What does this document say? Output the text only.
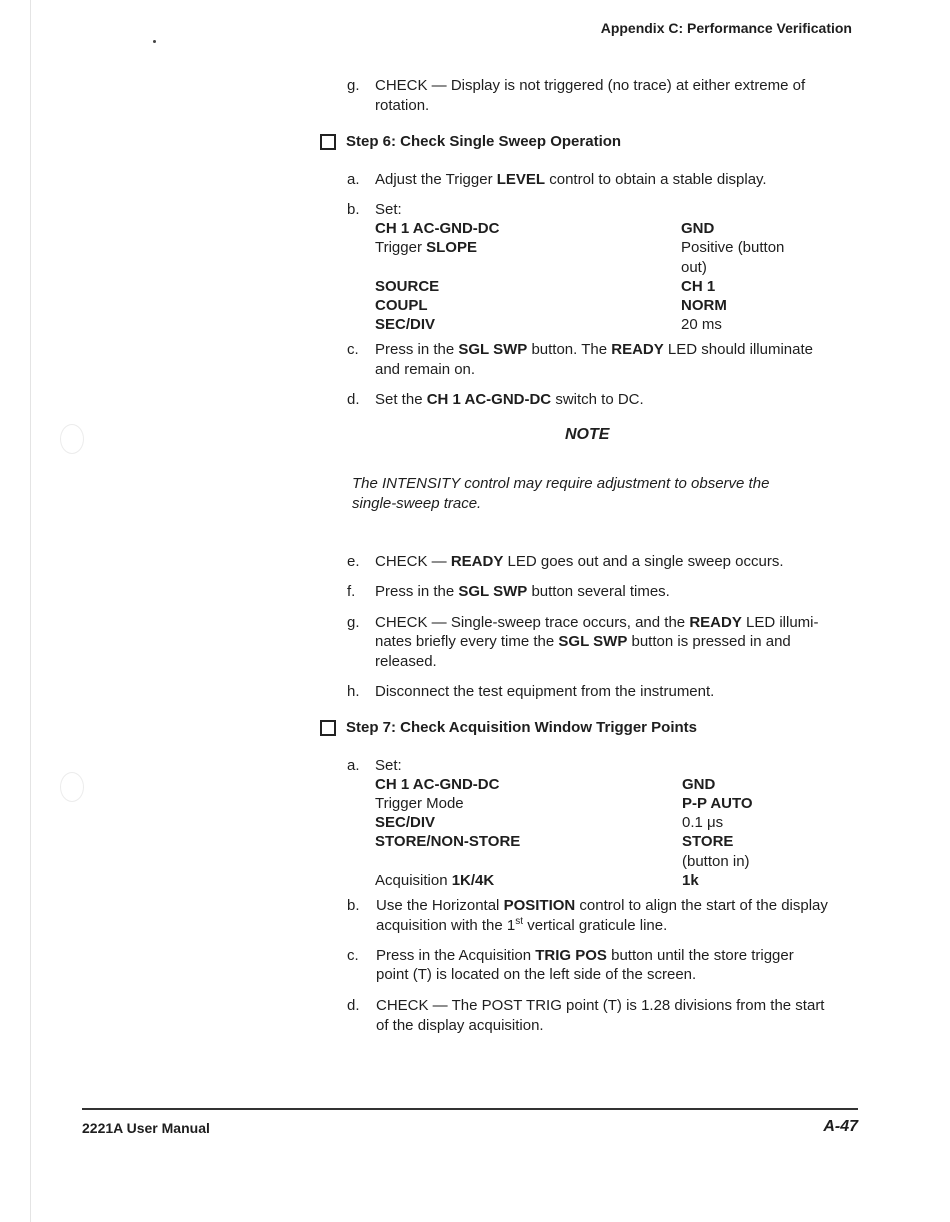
Appendix C: Performance Verification
g. CHECK — Display is not triggered (no trace) at either extreme of
rotation.
Step 6: Check Single Sweep Operation
a. Adjust the Trigger LEVEL control to obtain a stable display.
b. Set:
CH 1 AC-GND-DC	GND
Trigger SLOPE	Positive (button
out)
SOURCE	CH 1
COUPL	NORM
SEC/DIV	20 ms
c. Press in the SGL SWP button. The READY LED should illuminate
and remain on.
d. Set the CH 1 AC-GND-DC switch to DC.
NOTE
The INTENSITY control may require adjustment to observe the
single-sweep trace.
e. CHECK — READY LED goes out and a single sweep occurs.
f. Press in the SGL SWP button several times.
g. CHECK — Single-sweep trace occurs, and the READY LED illumi-
nates briefly every time the SGL SWP button is pressed in and
released.
h. Disconnect the test equipment from the instrument.
Step 7: Check Acquisition Window Trigger Points
a. Set:
CH 1 AC-GND-DC	GND
Trigger Mode	P-P AUTO
SEC/DIV	0.1 μs
STORE/NON-STORE	STORE
(button in)
Acquisition 1K/4K	1k
b. Use the Horizontal POSITION control to align the start of the display
acquisition with the 1st vertical graticule line.
c. Press in the Acquisition TRIG POS button until the store trigger
point (T) is located on the left side of the screen.
d. CHECK — The POST TRIG point (T) is 1.28 divisions from the start
of the display acquisition.
2221A User Manual	A-47
